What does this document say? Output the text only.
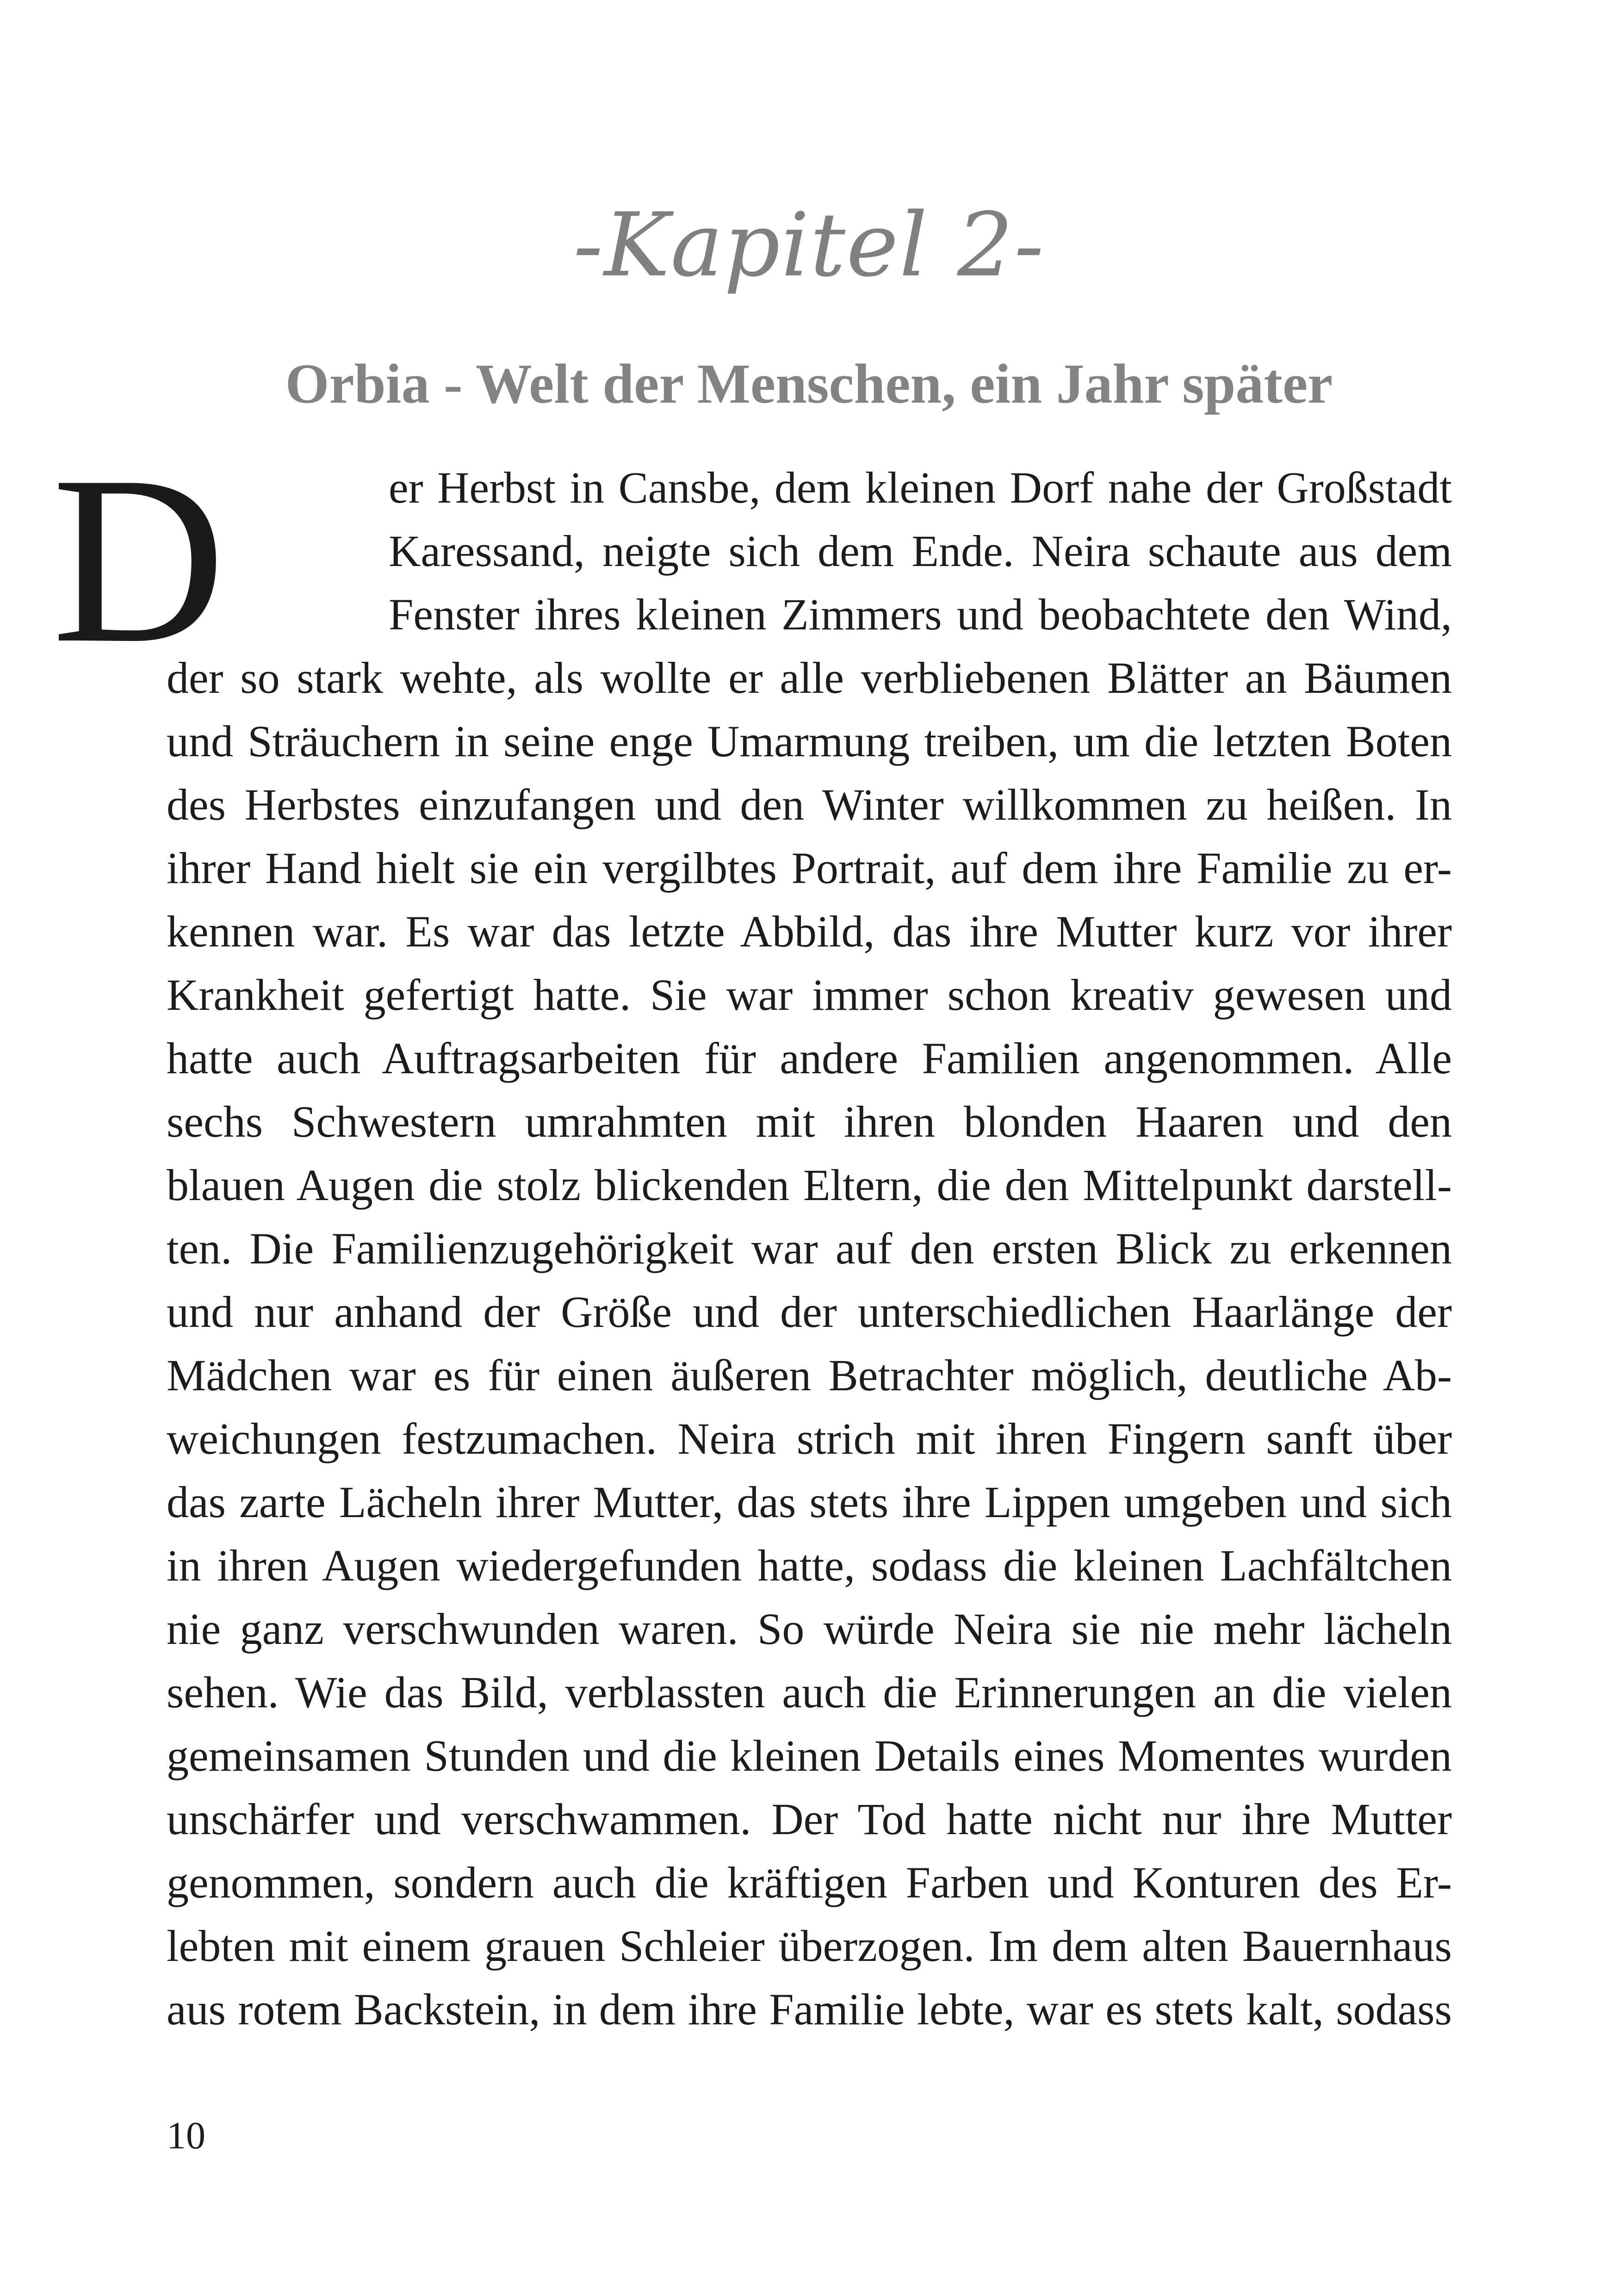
-Kapitel 2-
Orbia - Welt der Menschen, ein Jahr später
D	er Herbst in Cansbe, dem kleinen Dorf nahe der Großstadt
Karessand, neigte sich dem Ende. Neira schaute aus dem
Fenster ihres kleinen Zimmers und beobachtete den Wind,
der so stark wehte, als wollte er alle verbliebenen Blätter an Bäumen
und Sträuchern in seine enge Umarmung treiben, um die letzten Boten
des Herbstes einzufangen und den Winter willkommen zu heißen. In
ihrer Hand hielt sie ein vergilbtes Portrait, auf dem ihre Familie zu er-
kennen war. Es war das letzte Abbild, das ihre Mutter kurz vor ihrer
Krankheit gefertigt hatte. Sie war immer schon kreativ gewesen und
hatte auch Auftragsarbeiten für andere Familien angenommen. Alle
sechs Schwestern umrahmten mit ihren blonden Haaren und den
blauen Augen die stolz blickenden Eltern, die den Mittelpunkt darstell-
ten. Die Familienzugehörigkeit war auf den ersten Blick zu erkennen
und nur anhand der Größe und der unterschiedlichen Haarlänge der
Mädchen war es für einen äußeren Betrachter möglich, deutliche Ab-
weichungen festzumachen. Neira strich mit ihren Fingern sanft über
das zarte Lächeln ihrer Mutter, das stets ihre Lippen umgeben und sich
in ihren Augen wiedergefunden hatte, sodass die kleinen Lachfältchen
nie ganz verschwunden waren. So würde Neira sie nie mehr lächeln
sehen. Wie das Bild, verblassten auch die Erinnerungen an die vielen
gemeinsamen Stunden und die kleinen Details eines Momentes wurden
unschärfer und verschwammen. Der Tod hatte nicht nur ihre Mutter
genommen, sondern auch die kräftigen Farben und Konturen des Er-
lebten mit einem grauen Schleier überzogen. Im dem alten Bauernhaus
aus rotem Backstein, in dem ihre Familie lebte, war es stets kalt, sodass
10
